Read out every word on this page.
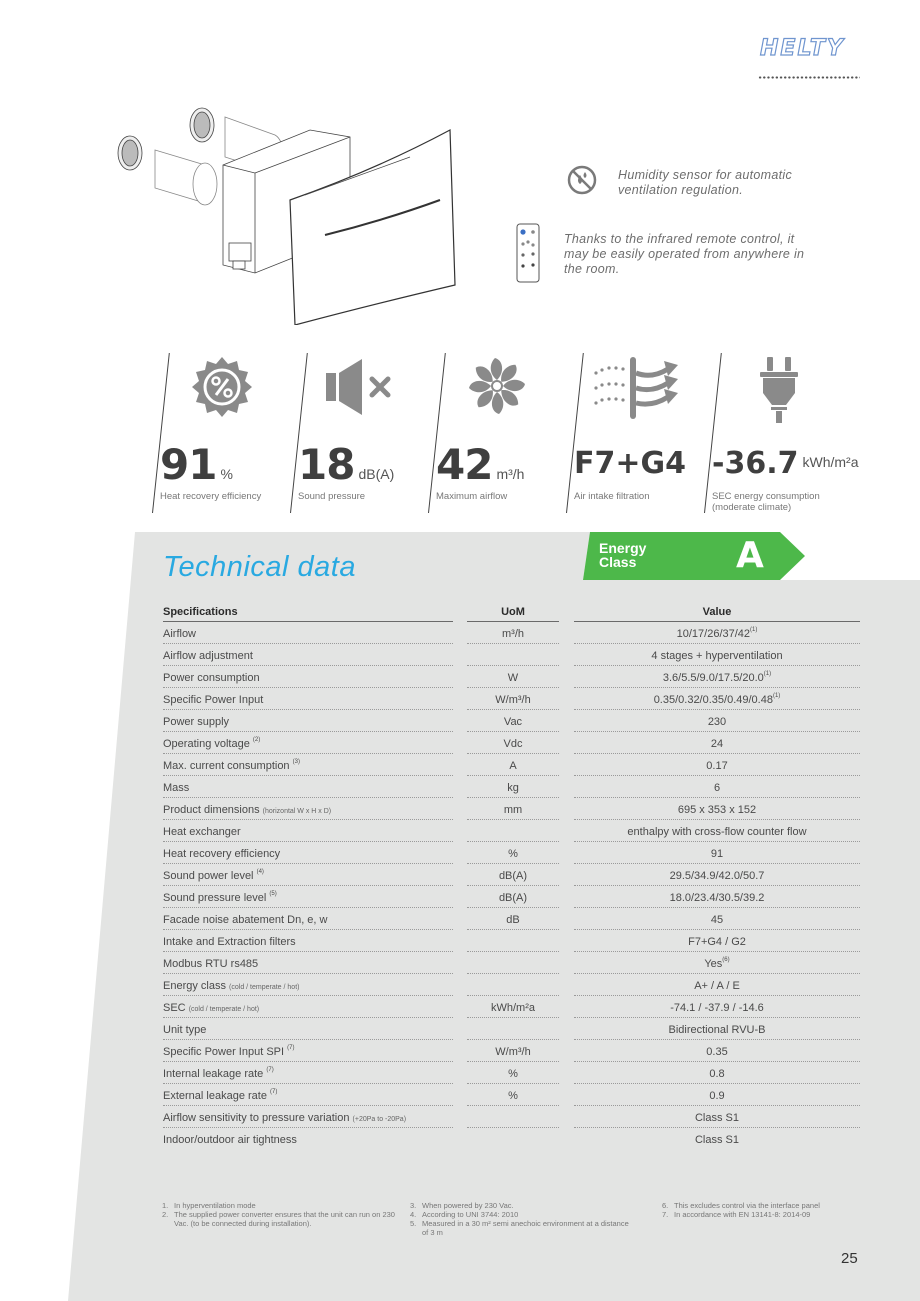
HELTY
Humidity sensor for automatic ventilation regulation.
Thanks to the infrared remote control, it may be easily operated from anywhere in the room.
91 %
Heat recovery efficiency
18 dB(A)
Sound pressure
42 m³/h
Maximum airflow
F7+G4
Air intake filtration
-36.7 kWh/m²a
SEC energy consumption (moderate climate)
Technical data
Energy
Class	A
Specifications		UoM		Value
Airflow		m³/h		10/17/26/37/42$^{(1)}$
Airflow adjustment				4 stages + hyperventilation
Power consumption		W		3.6/5.5/9.0/17.5/20.0$^{(1)}$
Specific Power Input		W/m³/h		0.35/0.32/0.35/0.49/0.48$^{(1)}$
Power supply		Vac		230
Operating voltage $^{(2)}$		Vdc		24
Max. current consumption $^{(3)}$		A		0.17
Mass		kg		6
Product dimensions (horizontal W x H x D)		mm		695 x 353 x 152
Heat exchanger				enthalpy with cross-flow counter flow
Heat recovery efficiency		%		91
Sound power level $^{(4)}$		dB(A)		29.5/34.9/42.0/50.7
Sound pressure level $^{(5)}$		dB(A)		18.0/23.4/30.5/39.2
Facade noise abatement Dn, e, w		dB		45
Intake and Extraction filters				F7+G4 / G2
Modbus RTU rs485				Yes$^{(6)}$
Energy class (cold / temperate / hot)				A+ / A / E
SEC (cold / temperate / hot)		kWh/m²a		-74.1 / -37.9 / -14.6
Unit type				Bidirectional RVU-B
Specific Power Input SPI $^{(7)}$		W/m³/h		0.35
Internal leakage rate $^{(7)}$		%		0.8
External leakage rate $^{(7)}$		%		0.9
Airflow sensitivity to pressure variation (+20Pa to -20Pa)				Class S1
Indoor/outdoor air tightness				Class S1
1. In hyperventilation mode
2. The supplied power converter ensures that the unit can run on 230 Vac. (to be connected during installation).
3. When powered by 230 Vac.
4. According to UNI 3744: 2010
5. Measured in a 30 m² semi anechoic environment at a distance of 3 m
6. This excludes control via the interface panel
7. In accordance with EN 13141-8: 2014-09
25
